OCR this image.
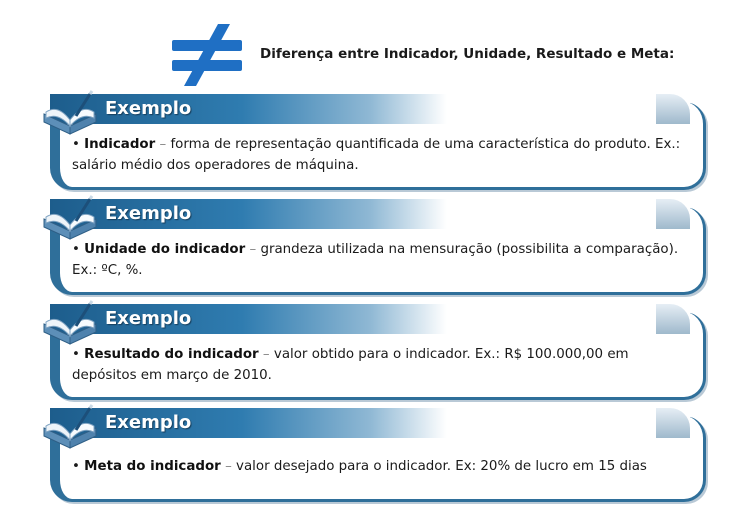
Diferença entre Indicador, Unidade, Resultado e Meta:
Exemplo
• Indicador – forma de representação quantificada de uma característica do produto. Ex.: salário médio dos operadores de máquina.
Exemplo
• Unidade do indicador – grandeza utilizada na mensuração (possibilita a comparação). Ex.: ºC, %.
Exemplo
• Resultado do indicador – valor obtido para o indicador. Ex.: R$ 100.000,00 em depósitos em março de 2010.
Exemplo
• Meta do indicador – valor desejado para o indicador. Ex: 20% de lucro em 15 dias
